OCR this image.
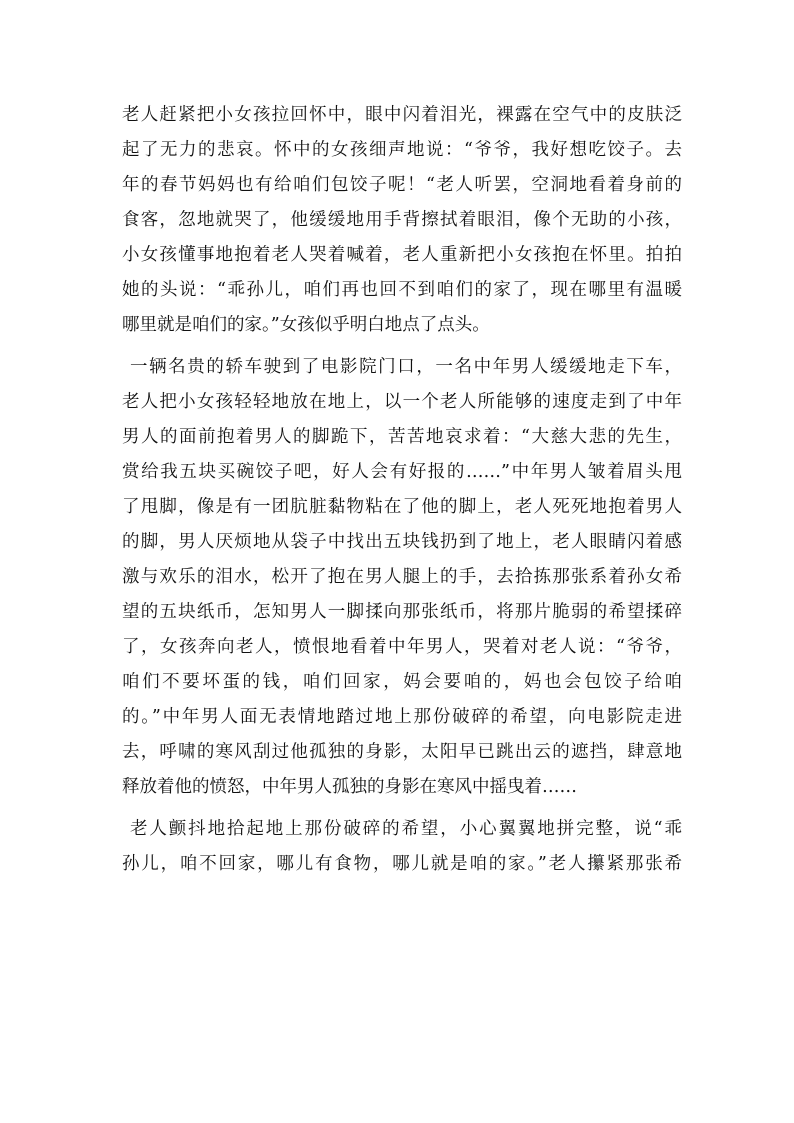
老人赶紧把小女孩拉回怀中，眼中闪着泪光，裸露在空气中的皮肤泛
起了无力的悲哀。怀中的女孩细声地说：“爷爷，我好想吃饺子。去
年的春节妈妈也有给咱们包饺子呢！“老人听罢，空洞地看着身前的
食客，忽地就哭了，他缓缓地用手背擦拭着眼泪，像个无助的小孩，
小女孩懂事地抱着老人哭着喊着，老人重新把小女孩抱在怀里。拍拍
她的头说：“乖孙儿，咱们再也回不到咱们的家了，现在哪里有温暖
哪里就是咱们的家。”女孩似乎明白地点了点头。
一辆名贵的轿车驶到了电影院门口，一名中年男人缓缓地走下车，
老人把小女孩轻轻地放在地上，以一个老人所能够的速度走到了中年
男人的面前抱着男人的脚跪下，苦苦地哀求着：“大慈大悲的先生，
赏给我五块买碗饺子吧，好人会有好报的……”中年男人皱着眉头甩
了甩脚，像是有一团肮脏黏物粘在了他的脚上，老人死死地抱着男人
的脚，男人厌烦地从袋子中找出五块钱扔到了地上，老人眼睛闪着感
激与欢乐的泪水，松开了抱在男人腿上的手，去拾拣那张系着孙女希
望的五块纸币，怎知男人一脚揉向那张纸币，将那片脆弱的希望揉碎
了，女孩奔向老人，愤恨地看着中年男人，哭着对老人说：“爷爷，
咱们不要坏蛋的钱，咱们回家，妈会要咱的，妈也会包饺子给咱
的。”中年男人面无表情地踏过地上那份破碎的希望，向电影院走进
去，呼啸的寒风刮过他孤独的身影，太阳早已跳出云的遮挡，肆意地
释放着他的愤怒，中年男人孤独的身影在寒风中摇曳着……
老人颤抖地拾起地上那份破碎的希望，小心翼翼地拼完整，说“乖
孙儿，咱不回家，哪儿有食物，哪儿就是咱的家。”老人攥紧那张希
